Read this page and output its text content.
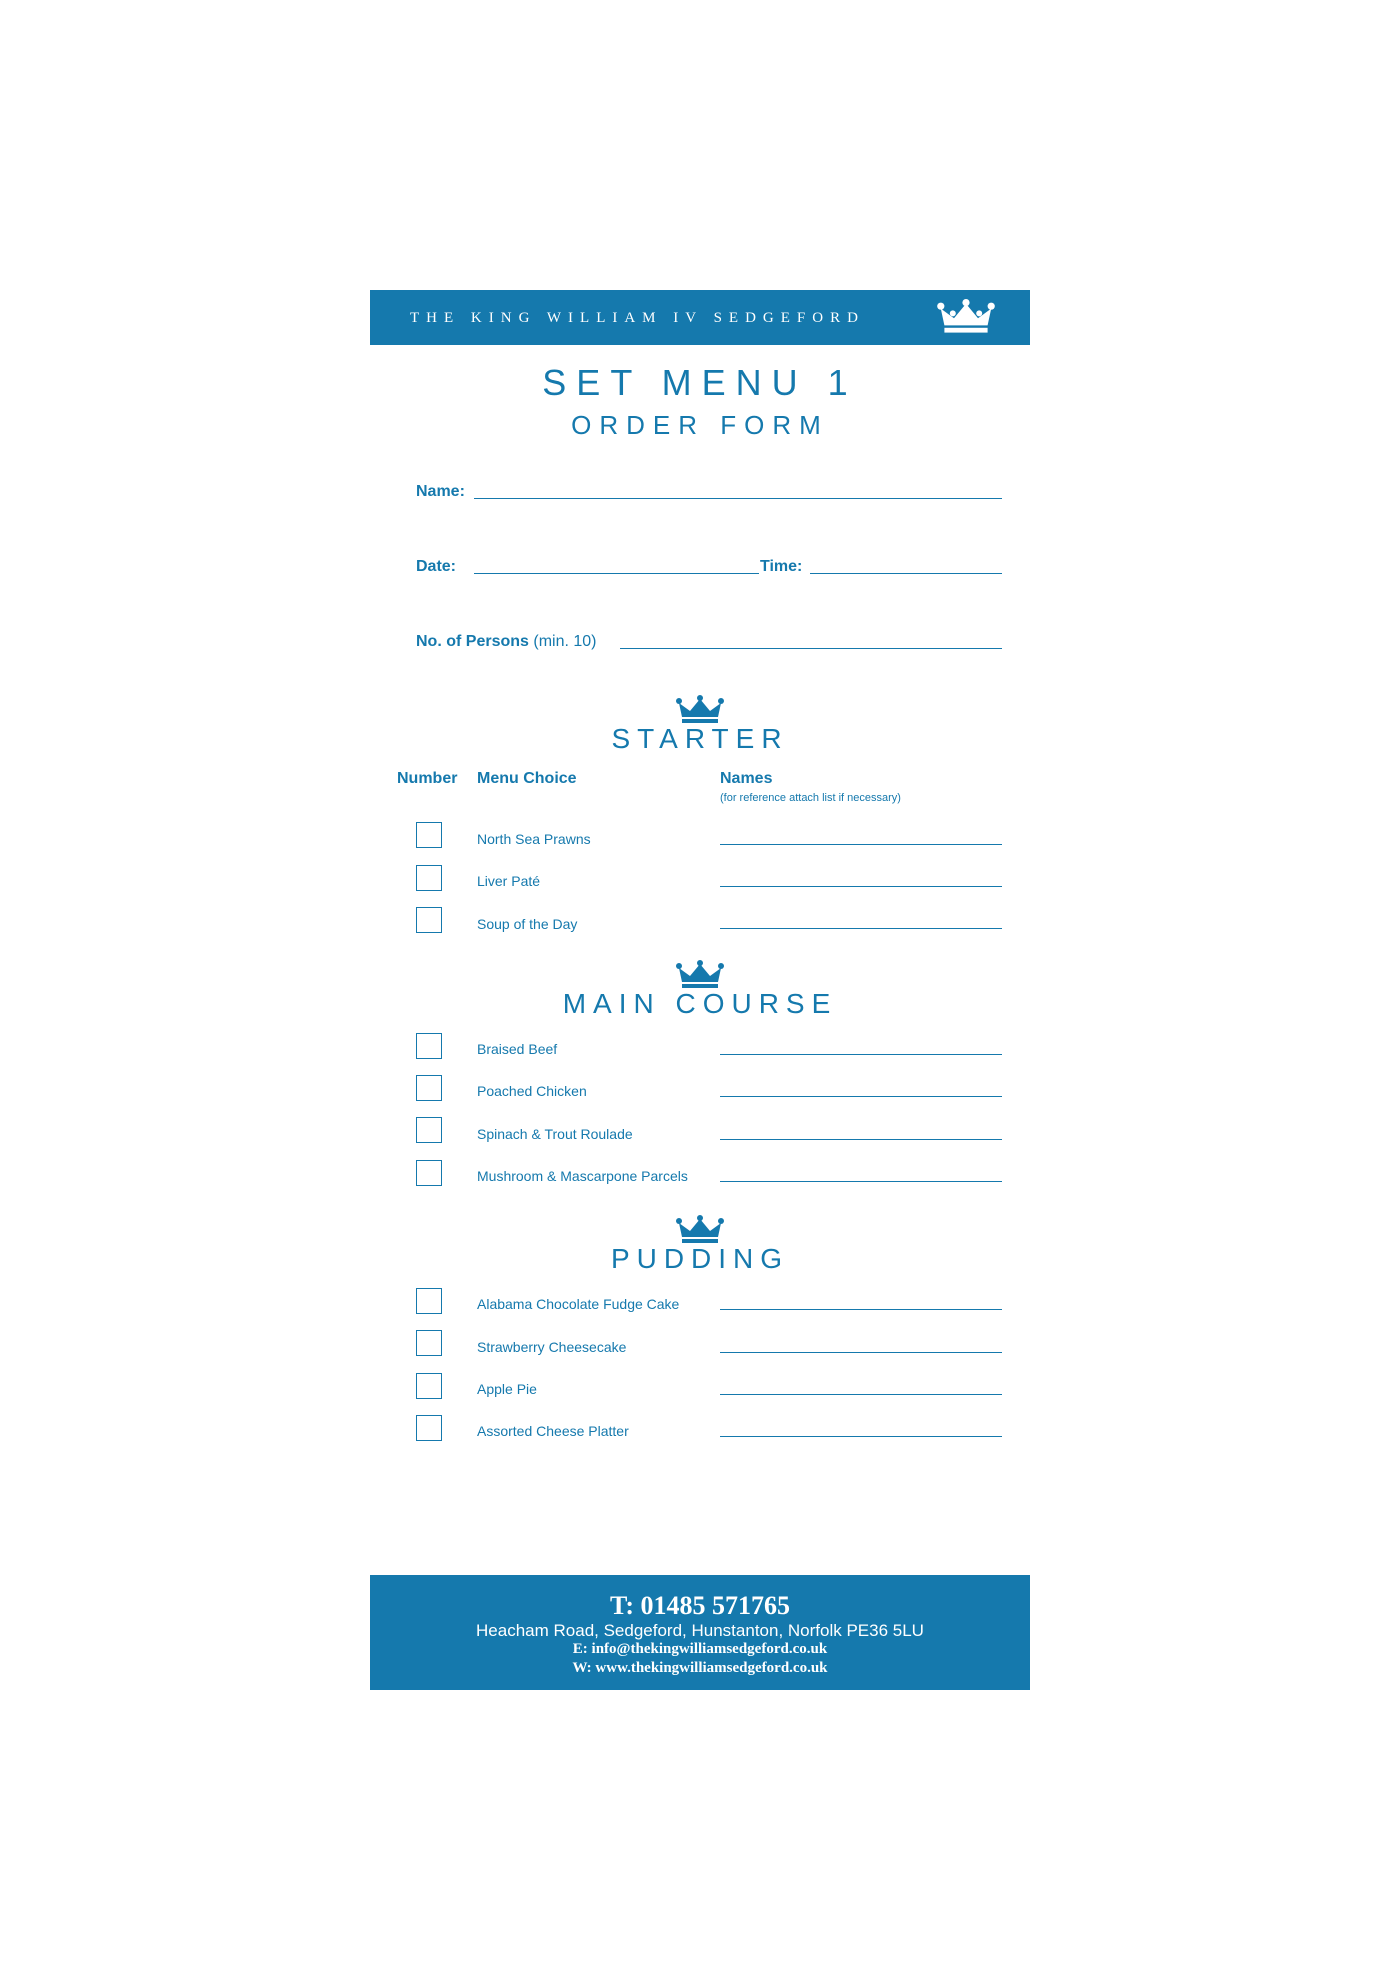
THE KING WILLIAM IV SEDGEFORD
SET MENU 1
ORDER FORM
Name:
Date:	Time:
No. of Persons (min. 10)
STARTER
Number Menu Choice	Names
(for reference attach list if necessary)
North Sea Prawns
Liver Paté
Soup of the Day
MAIN COURSE
Braised Beef
Poached Chicken
Spinach & Trout Roulade
Mushroom & Mascarpone Parcels
PUDDING
Alabama Chocolate Fudge Cake
Strawberry Cheesecake
Apple Pie
Assorted Cheese Platter
T: 01485 571765
Heacham Road, Sedgeford, Hunstanton, Norfolk PE36 5LU
E: info@thekingwilliamsedgeford.co.uk
W: www.thekingwilliamsedgeford.co.uk
